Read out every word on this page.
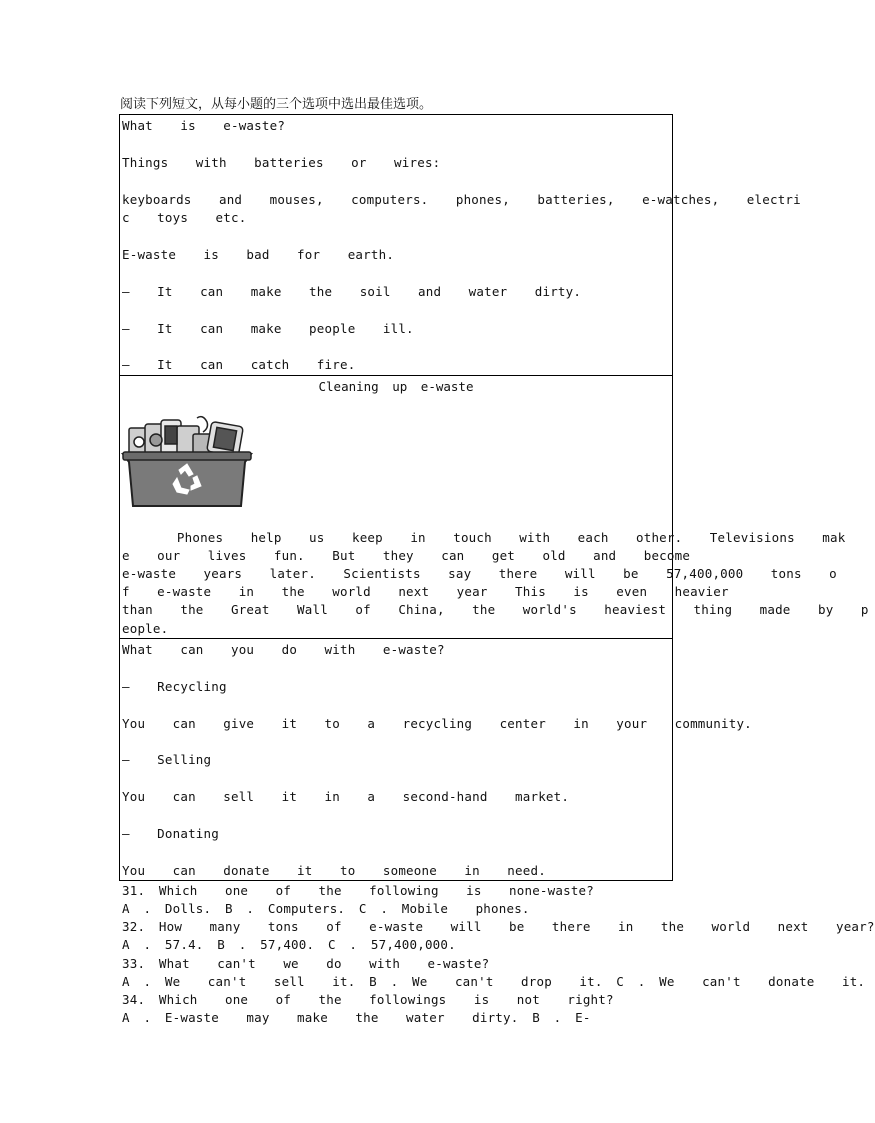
阅读下列短文，从每小题的三个选项中选出最佳选项。
What  is  e-waste?
Things  with  batteries  or  wires:
keyboards  and  mouses,  computers.  phones,  batteries,  e-watches,  electri
c  toys  etc.
E-waste  is  bad  for  earth.
—  It  can  make  the  soil  and  water  dirty.
—  It  can  make  people  ill.
—  It  can  catch  fire.
Cleaning up e-waste
Phones  help  us  keep  in  touch  with  each  other.  Televisions  mak
e  our  lives  fun.  But  they  can  get  old  and  become
e-waste  years  later.  Scientists  say  there  will  be  57,400,000  tons  o
f  e-waste  in  the  world  next  year  This  is  even  heavier
than  the  Great  Wall  of  China,  the  world's  heaviest  thing  made  by  p
eople.
What  can  you  do  with  e-waste?
—  Recycling
You  can  give  it  to  a  recycling  center  in  your  community.
—  Selling
You  can  sell  it  in  a  second-hand  market.
—  Donating
You  can  donate  it  to  someone  in  need.
31. Which  one  of  the  following  is  none-waste?
A . Dolls. B . Computers. C . Mobile  phones.
32. How  many  tons  of  e-waste  will  be  there  in  the  world  next  year?
A . 57.4. B . 57,400. C . 57,400,000.
33. What  can't  we  do  with  e-waste?
A . We  can't  sell  it. B . We  can't  drop  it. C . We  can't  donate  it.
34. Which  one  of  the  followings  is  not  right?
A . E-waste  may  make  the  water  dirty. B . E-
